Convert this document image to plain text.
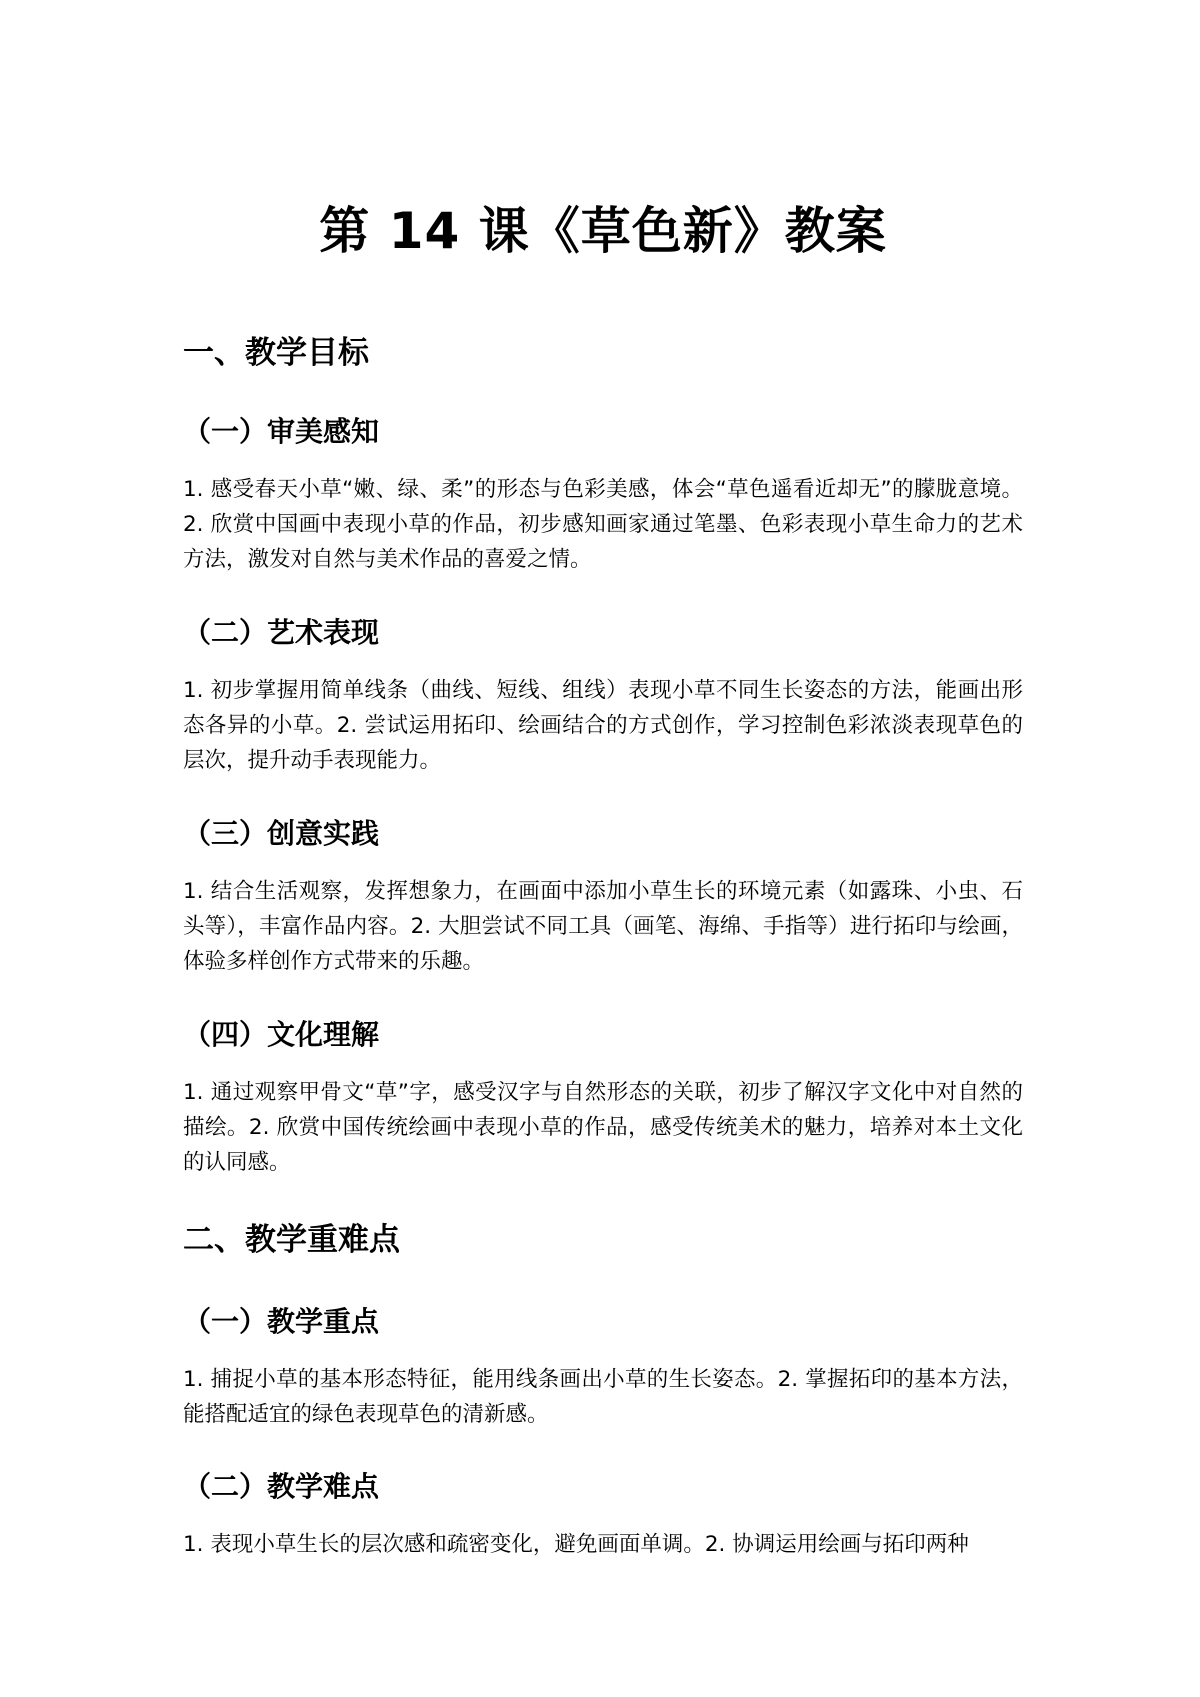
第 14 课《草色新》教案
一、教学目标
（一）审美感知

1. 感受春天小草“嫩、绿、柔”的形态与色彩美感，体会“草色遥看近却无”的朦胧意境。2. 欣赏中国画中表现小草的作品，初步感知画家通过笔墨、色彩表现小草生命力的艺术方法，激发对自然与美术作品的喜爱之情。

（二）艺术表现

1. 初步掌握用简单线条（曲线、短线、组线）表现小草不同生长姿态的方法，能画出形态各异的小草。2. 尝试运用拓印、绘画结合的方式创作，学习控制色彩浓淡表现草色的层次，提升动手表现能力。

（三）创意实践

1. 结合生活观察，发挥想象力，在画面中添加小草生长的环境元素（如露珠、小虫、石头等），丰富作品内容。2. 大胆尝试不同工具（画笔、海绵、手指等）进行拓印与绘画，体验多样创作方式带来的乐趣。

（四）文化理解

1. 通过观察甲骨文“草”字，感受汉字与自然形态的关联，初步了解汉字文化中对自然的描绘。2. 欣赏中国传统绘画中表现小草的作品，感受传统美术的魅力，培养对本土文化的认同感。

二、教学重难点
（一）教学重点

1. 捕捉小草的基本形态特征，能用线条画出小草的生长姿态。2. 掌握拓印的基本方法，能搭配适宜的绿色表现草色的清新感。

（二）教学难点

1. 表现小草生长的层次感和疏密变化，避免画面单调。2. 协调运用绘画与拓印两种
